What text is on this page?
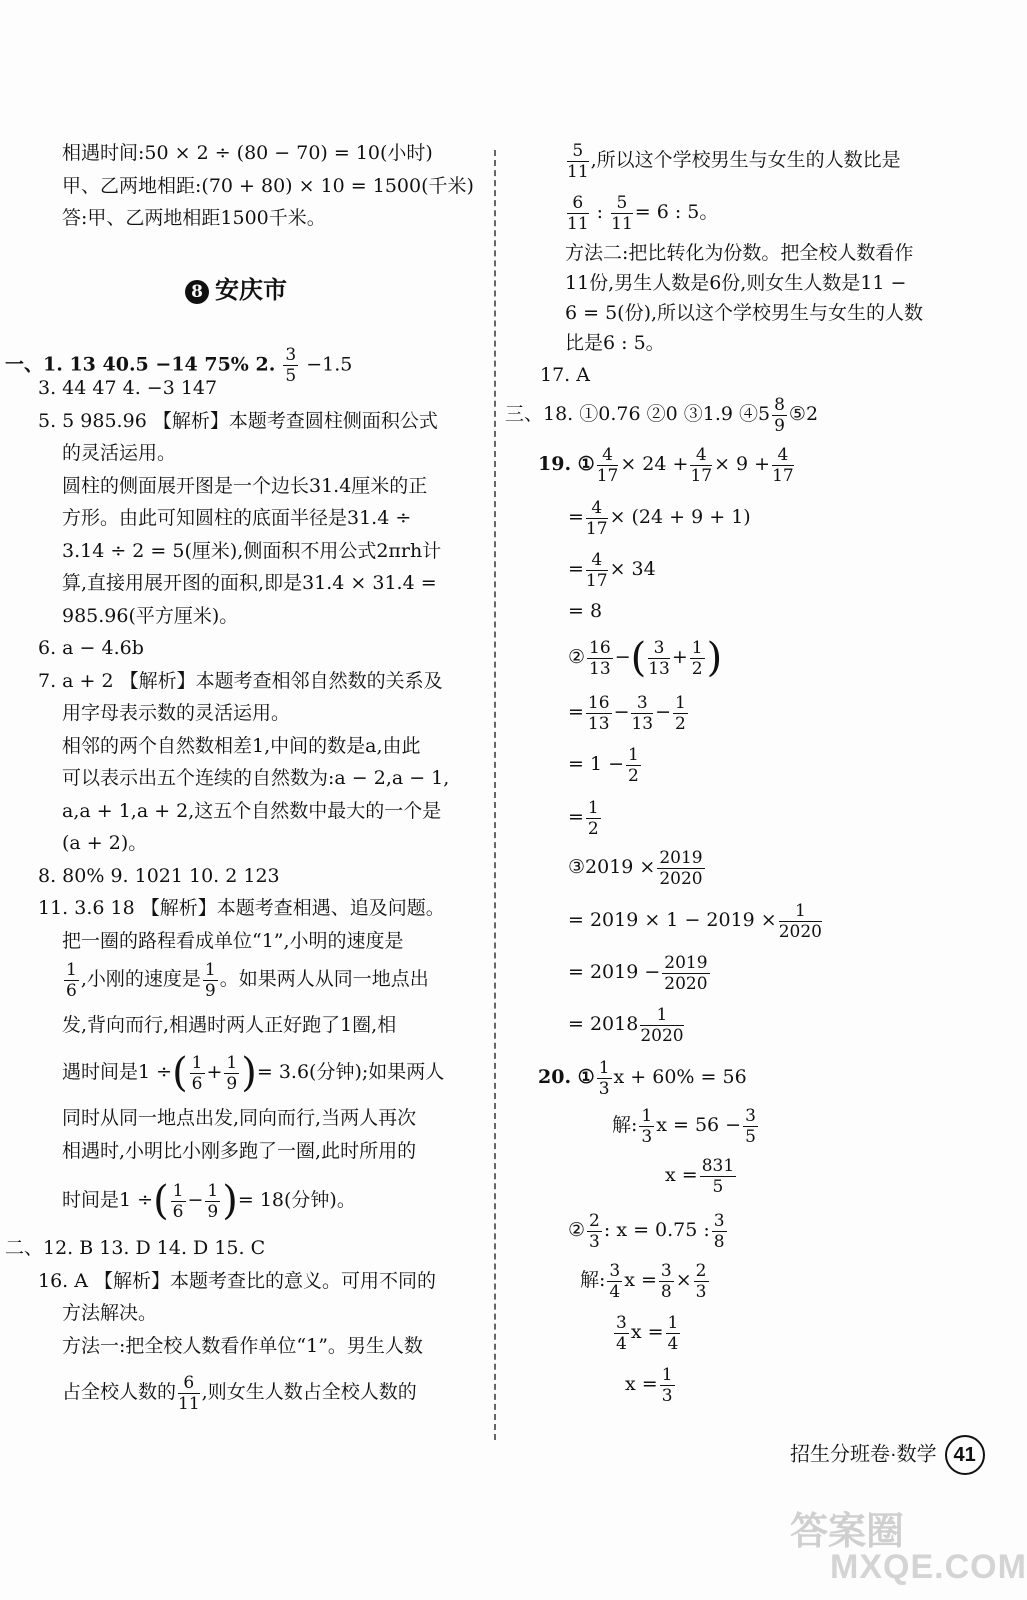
相遇时间:50 × 2 ÷ (80 − 70) = 10(小时)
甲、乙两地相距:(70 + 80) × 10 = 1500(千米)
答:甲、乙两地相距1500千米。
8 安庆市
一、1. 13 40.5 −14 75% 2. $\frac{3}{5} -1.5$
3. 44 47 4. −3 147
5. 5 985.96 【解析】本题考查圆柱侧面积公式
的灵活运用。
圆柱的侧面展开图是一个边长31.4厘米的正
方形。由此可知圆柱的底面半径是31.4 ÷
3.14 ÷ 2 = 5(厘米),侧面积不用公式2πrh计
算,直接用展开图的面积,即是31.4 × 31.4 =
985.96(平方厘米)。
6. a − 4.6b
7. a + 2 【解析】本题考查相邻自然数的关系及
用字母表示数的灵活运用。
相邻的两个自然数相差1,中间的数是a,由此
可以表示出五个连续的自然数为:a − 2,a − 1,
a,a + 1,a + 2,这五个自然数中最大的一个是
(a + 2)。
8. 80% 9. 1021 10. 2 123
11. 3.6 18 【解析】本题考查相遇、追及问题。
把一圈的路程看成单位“1”,小明的速度是
$\frac{1}{6}$ ,小刚的速度是 $\frac{1}{9}$ 。如果两人从同一地点出
发,背向而行,相遇时两人正好跑了1圈,相
遇时间是1 ÷( $\frac{1}{6} + \frac{1}{9}$ )= 3.6(分钟);如果两人
同时从同一地点出发,同向而行,当两人再次
相遇时,小明比小刚多跑了一圈,此时所用的
时间是1 ÷( $\frac{1}{6} - \frac{1}{9}$ )= 18(分钟)。
二、12. B 13. D 14. D 15. C
16. A 【解析】本题考查比的意义。可用不同的
方法解决。
方法一:把全校人数看作单位“1”。男生人数
占全校人数的 $\frac{6}{11}$ ,则女生人数占全校人数的
$\frac{5}{11}$ ,所以这个学校男生与女生的人数比是
$\frac{6}{11}$ : $\frac{5}{11} = 6$ : 5。
方法二:把比转化为份数。把全校人数看作
11份,男生人数是6份,则女生人数是11 −
6 = 5(份),所以这个学校男生与女生的人数
比是6 : 5。
17. A
三、18. ①0.76 ②0 ③1.9 ④5 $\frac{8}{9}$ ⑤2
19. ① $\frac{4}{17} \times 24 + \frac{4}{17} \times 9 + \frac{4}{17}$
= $\frac{4}{17} \times (24 + 9 + 1)$
= $\frac{4}{17} \times 34$
= 8
② $\frac{16}{13}$ −( $\frac{3}{13} + \frac{1}{2}$ )
= $\frac{16}{13} - \frac{3}{13} - \frac{1}{2}$
= $1 - \frac{1}{2}$
= $\frac{1}{2}$
③2019 × $\frac{2019}{2020}$
= $2019 \times 1 - 2019 \times \frac{1}{2020}$
= $2019 - \frac{2019}{2020}$
= $2018 \frac{1}{2020}$
20. ① $\frac{1}{3}$ x + 60% = 56
解: $\frac{1}{3}$ $x = 56 - \frac{3}{5}$
$x = \frac{831}{5}$
② $\frac{2}{3}$ : x = 0.75 : $\frac{3}{8}$
解: $\frac{3}{4}$ $x = \frac{3}{8} \times \frac{2}{3}$
$\frac{3}{4}$ $x = \frac{1}{4}$
$x = \frac{1}{3}$
招生分班卷·数学 41
答案圈
MXQE.COM
